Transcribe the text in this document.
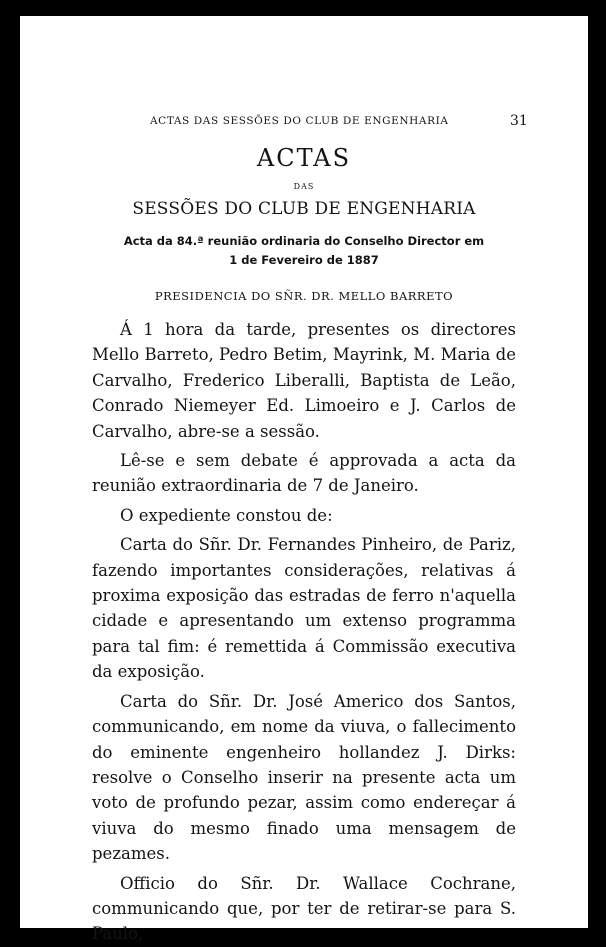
ACTAS DAS SESSÕES DO CLUB DE ENGENHARIA	31
ACTAS
DAS
SESSÕES DO CLUB DE ENGENHARIA
Acta da 84.ª reunião ordinaria do Conselho Director em
1 de Fevereiro de 1887
PRESIDENCIA DO SÑR. DR. MELLO BARRETO

Á 1 hora da tarde, presentes os directores Mello Barreto, Pedro Betim, Mayrink, M. Maria de Carvalho, Frederico Liberalli, Baptista de Leão, Conrado Niemeyer Ed. Limoeiro e J. Carlos de Carvalho, abre-se a sessão.

Lê-se e sem debate é approvada a acta da reunião extraordinaria de 7 de Janeiro.

O expediente constou de:

Carta do Sñr. Dr. Fernandes Pinheiro, de Pariz, fazendo importantes considerações, relativas á proxima exposição das estradas de ferro n'aquella cidade e apresentando um extenso programma para tal fim: é remettida á Commissão executiva da exposição.

Carta do Sñr. Dr. José Americo dos Santos, communicando, em nome da viuva, o fallecimento do eminente engenheiro hollandez J. Dirks: resolve o Conselho inserir na presente acta um voto de profundo pezar, assim como endereçar á viuva do mesmo finado uma mensagem de pezames.

Officio do Sñr. Dr. Wallace Cochrane, communicando que, por ter de retirar-se para S. Paulo,
